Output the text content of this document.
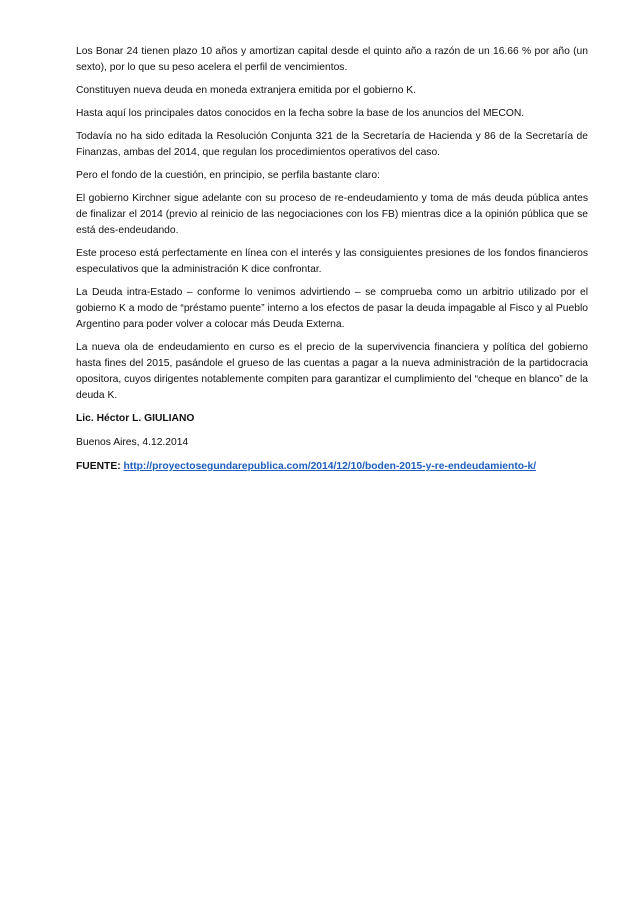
Los Bonar 24 tienen plazo 10 años y amortizan capital desde el quinto año a razón de un 16.66 % por año (un sexto), por lo que su peso acelera el perfil de vencimientos.

Constituyen nueva deuda en moneda extranjera emitida por el gobierno K.

Hasta aquí los principales datos conocidos en la fecha sobre la base de los anuncios del MECON.

Todavía no ha sido editada la Resolución Conjunta 321 de la Secretaría de Hacienda y 86 de la Secretaría de Finanzas, ambas del 2014, que regulan los procedimientos operativos del caso.

Pero el fondo de la cuestión, en principio, se perfila bastante claro:

El gobierno Kirchner sigue adelante con su proceso de re-endeudamiento y toma de más deuda pública antes de finalizar el 2014 (previo al reinicio de las negociaciones con los FB) mientras dice a la opinión pública que se está des-endeudando.

Este proceso está perfectamente en línea con el interés y las consiguientes presiones de los fondos financieros especulativos que la administración K dice confrontar.

La Deuda intra-Estado – conforme lo venimos advirtiendo – se comprueba como un arbitrio utilizado por el gobierno K a modo de “préstamo puente” interno a los efectos de pasar la deuda impagable al Fisco y al Pueblo Argentino para poder volver a colocar más Deuda Externa.

La nueva ola de endeudamiento en curso es el precio de la supervivencia financiera y política del gobierno hasta fines del 2015, pasándole el grueso de las cuentas a pagar a la nueva administración de la partidocracia opositora, cuyos dirigentes notablemente compiten para garantizar el cumplimiento del “cheque en blanco” de la deuda K.

Lic. Héctor L. GIULIANO

Buenos Aires, 4.12.2014

FUENTE: http://proyectosegundarepublica.com/2014/12/10/boden-2015-y-re-endeudamiento-k/
